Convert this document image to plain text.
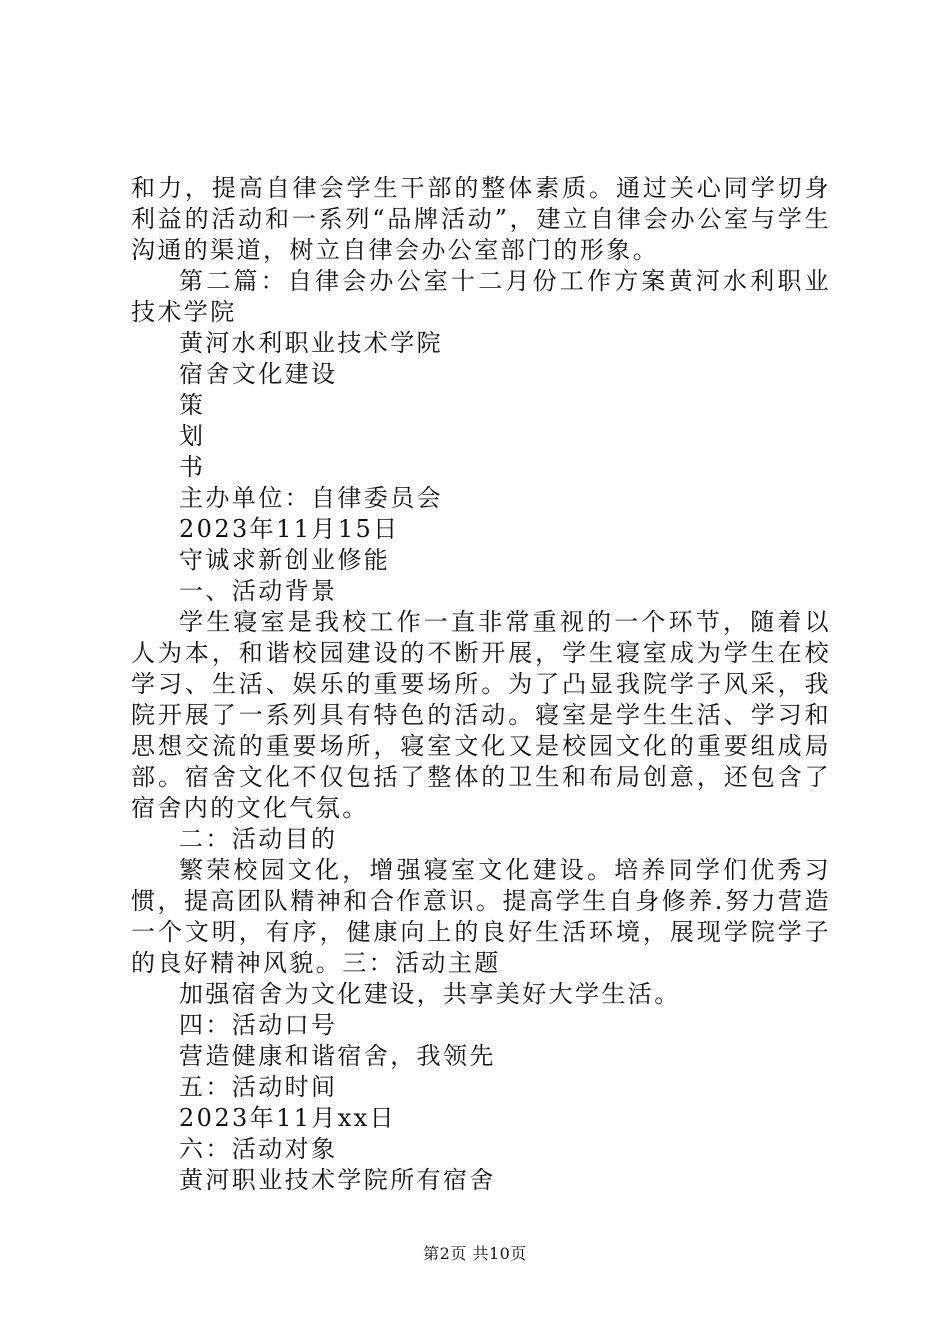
和力，提高自律会学生干部的整体素质。通过关心同学切身利益的活动和一系列“品牌活动”，建立自律会办公室与学生沟通的渠道，树立自律会办公室部门的形象。

第二篇：自律会办公室十二月份工作方案黄河水利职业技术学院

黄河水利职业技术学院

宿舍文化建设

策

划

书

主办单位：自律委员会

2023年11月15日

守诚求新创业修能

一、活动背景

学生寝室是我校工作一直非常重视的一个环节，随着以人为本，和谐校园建设的不断开展，学生寝室成为学生在校学习、生活、娱乐的重要场所。为了凸显我院学子风采，我院开展了一系列具有特色的活动。寝室是学生生活、学习和思想交流的重要场所，寝室文化又是校园文化的重要组成局部。宿舍文化不仅包括了整体的卫生和布局创意，还包含了宿舍内的文化气氛。

二：活动目的

繁荣校园文化，增强寝室文化建设。培养同学们优秀习惯，提高团队精神和合作意识。提高学生自身修养.努力营造一个文明，有序，健康向上的良好生活环境，展现学院学子的良好精神风貌。三：活动主题

加强宿舍为文化建设，共享美好大学生活。

四：活动口号

营造健康和谐宿舍，我领先

五：活动时间

2023年11月xx日

六：活动对象

黄河职业技术学院所有宿舍

第2页 共10页
